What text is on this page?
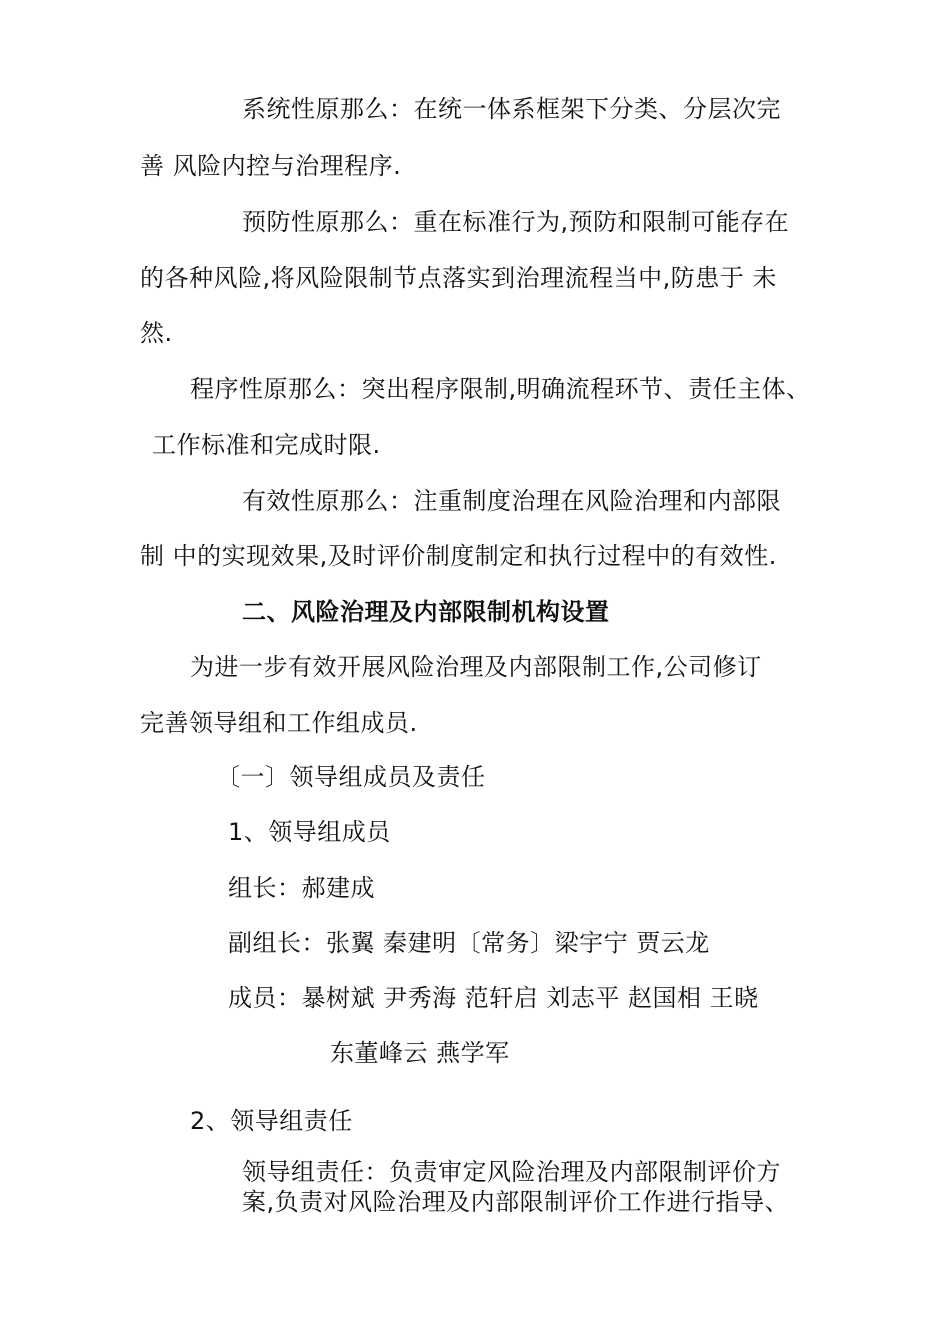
系统性原那么：在统一体系框架下分类、分层次完
善 风险内控与治理程序.
预防性原那么：重在标准行为,预防和限制可能存在
的各种风险,将风险限制节点落实到治理流程当中,防患于 未
然.
程序性原那么：突出程序限制,明确流程环节、责任主体、
工作标准和完成时限.
有效性原那么：注重制度治理在风险治理和内部限
制 中的实现效果,及时评价制度制定和执行过程中的有效性.
二、风险治理及内部限制机构设置
为进一步有效开展风险治理及内部限制工作,公司修订
完善领导组和工作组成员.
〔一〕领导组成员及责任
1、领导组成员
组长：郝建成
副组长：张翼 秦建明〔常务〕梁宇宁 贾云龙
成员：暴树斌 尹秀海 范轩启 刘志平 赵国相 王晓
东董峰云 燕学军
2、领导组责任
领导组责任：负责审定风险治理及内部限制评价方
案,负责对风险治理及内部限制评价工作进行指导、
